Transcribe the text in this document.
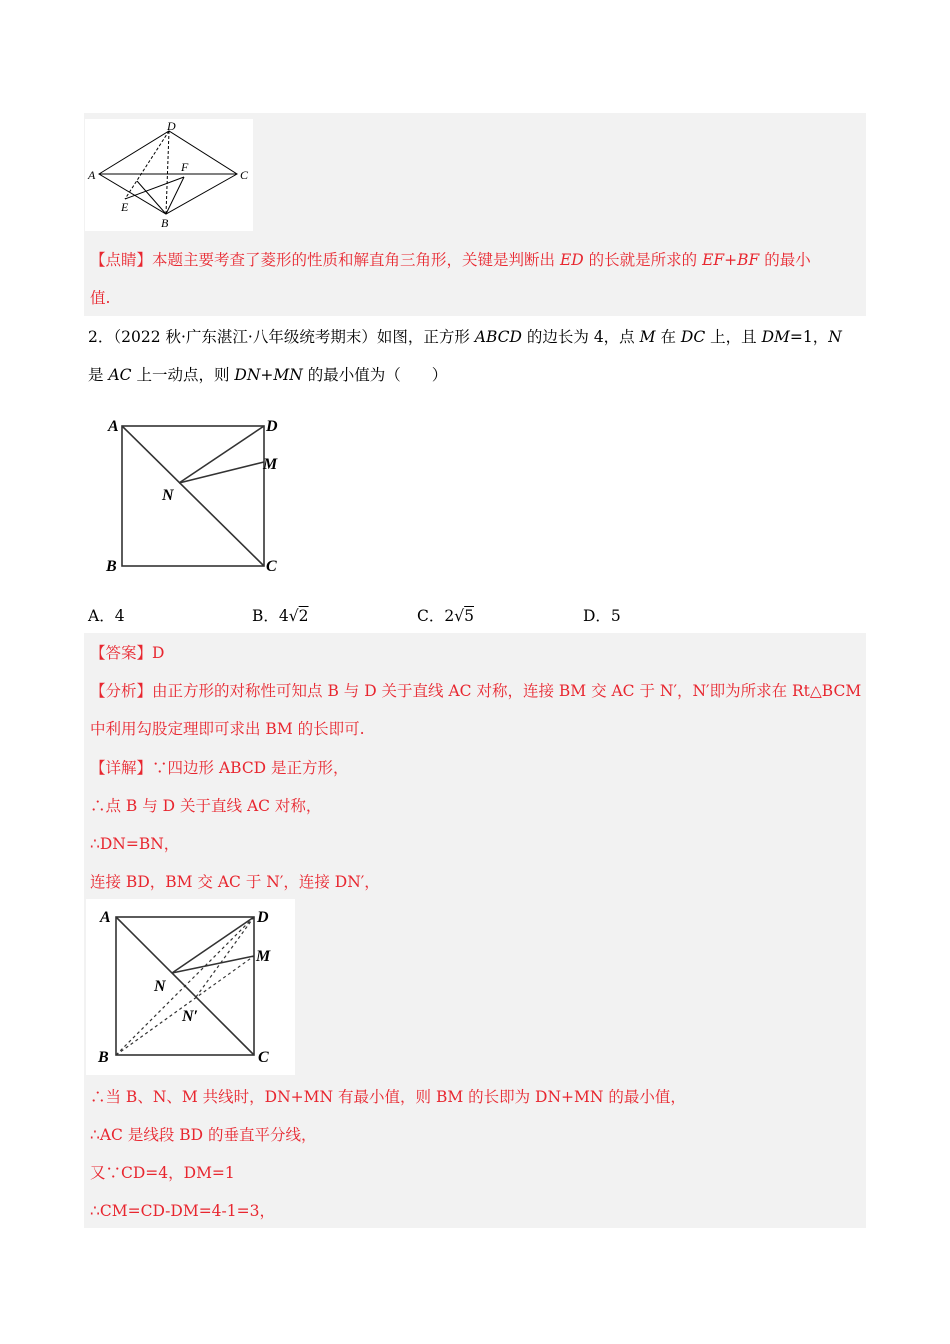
D
A	C
F
E
B
【点睛】本题主要考查了菱形的性质和解直角三角形，关键是判断出 ED 的长就是所求的 EF+BF 的最小
值.
2．（2022 秋·广东湛江·八年级统考期末）如图，正方形 ABCD 的边长为 4，点 M 在 DC 上，且 DM=1，N
是 AC 上一动点，则 DN+MN 的最小值为（　　）
A	D
M
N
B	C
A．4	B．4√2	C．2√5	D．5
【答案】D
【分析】由正方形的对称性可知点 B 与 D 关于直线 AC 对称，连接 BM 交 AC 于 N′，N′即为所求在 Rt△BCM
中利用勾股定理即可求出 BM 的长即可.
【详解】∵四边形 ABCD 是正方形，
∴点 B 与 D 关于直线 AC 对称，
∴DN=BN，
连接 BD，BM 交 AC 于 N′，连接 DN′，
A	D
M
N
N′
B	C
∴当 B、N、M 共线时，DN+MN 有最小值，则 BM 的长即为 DN+MN 的最小值，
∴AC 是线段 BD 的垂直平分线，
又∵CD=4，DM=1
∴CM=CD-DM=4-1=3，
